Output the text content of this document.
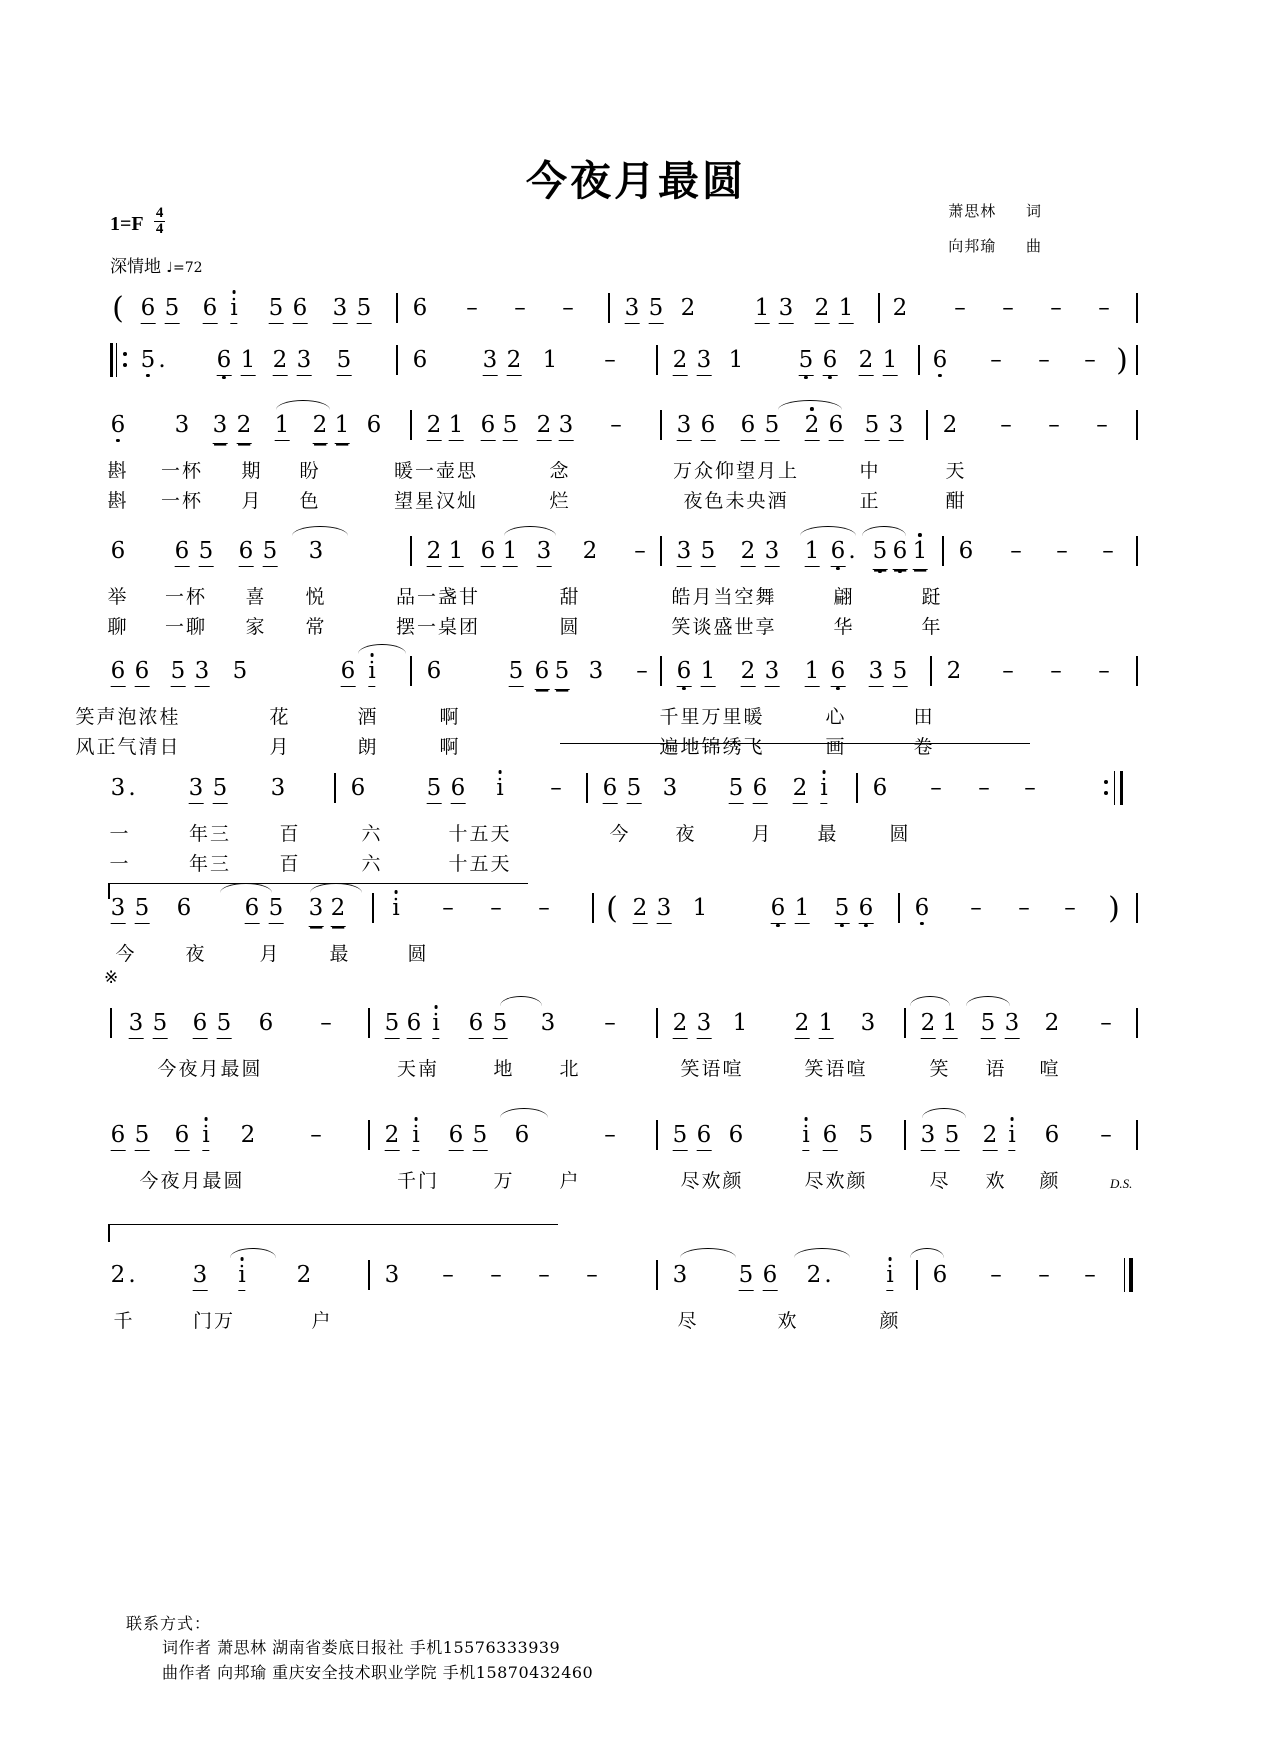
今夜月最圆
$1=F \frac{4}{4}$
深情地 ♩=72
萧思林 词
向邦瑜 曲
( 6 5 6 i 5 6 3 5 6 – – – 3 5 2	1 3 2 1 2 – – – –
5 . 6 1 2 3 5	6 3 2 1 – 2 3 1 5 6 2 1 6 – – – )
6 3 3 2 1 2 1 6 2 1 6 5 2 3 – 3 6 6 5 2 6 5 3 2 – – –
斟 一杯 期 盼	暖一壶思	念	万众仰望月上	中	天
斟 一杯 月 色	望星汉灿	烂	夜色未央酒	正	酣
6 6 5 6 5 3	2 1 6 1 3 2 – 3 5 2 3 1 6 . 5 6 1 6 – – –
举 一杯 喜 悦	品一盏甘	甜	皓月当空舞	翩	跹
聊 一聊 家 常	摆一桌团	圆	笑谈盛世享	华	年
6 6 5 3 5	6 i 6	5 6 5 3 – 6 1 2 3 1 6 3 5 2 – – –
笑声泡浓桂	花	酒	啊	千里万里暖	心	田
风正气清日	月	朗	啊	遍地锦绣飞	画	卷
3 . 3 5 3	6	5 6 i – 6 5 3 5 6 2 i 6 – – –
一	年三	百	六	十五天	今 夜	月 最	圆
一	年三	百	六	十五天
3 5 6 6 5 3 2 i – – – ( 2 3 1	6 1 5 6 6 – – – )
今	夜	月	最	圆
※
3 5 6 5 6 – 5 6 i 6 5 3 – 2 3 1 2 1 3 2 1 5 3 2 –
今夜月最圆	天南	地 北	笑语喧	笑语喧	笑 语 喧
6 5 6 i 2 –	2 i 6 5 6	– 5 6 6	i 6 5 3 5 2 i 6 –
今夜月最圆	千门	万 户	尽欢颜	尽欢颜	尽 欢 颜	D.S.
2 . 3 i 2	3 – – – –	3 5 6 2 . i 6 – – –
千	门万	户	尽	欢	颜
联系方式：
词作者 萧思林 湖南省娄底日报社 手机15576333939
曲作者 向邦瑜 重庆安全技术职业学院 手机15870432460
